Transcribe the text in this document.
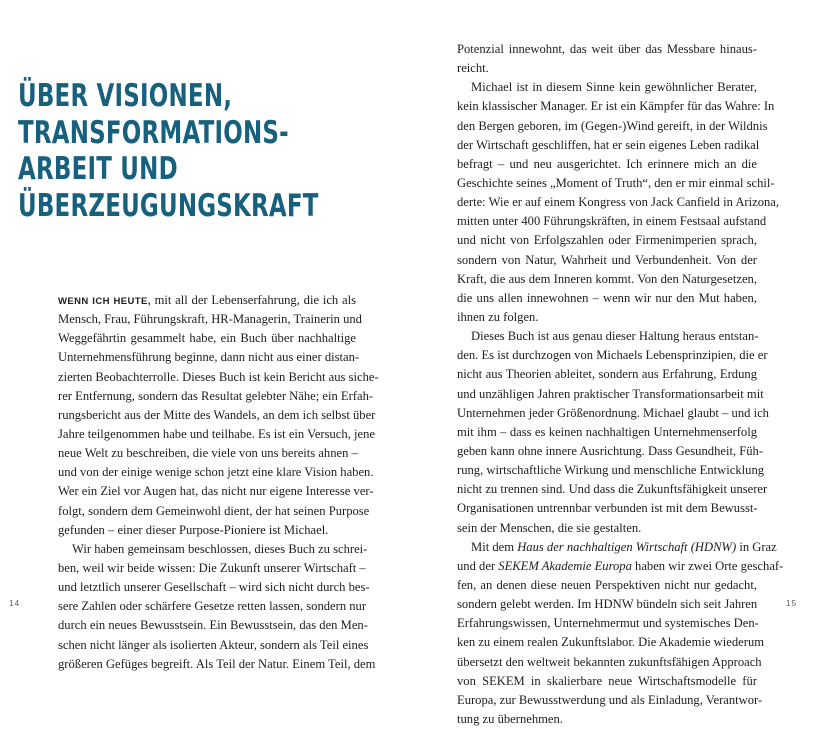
ÜBER VISIONEN,
TRANSFORMATIONS-
ARBEIT UND
ÜBERZEUGUNGSKRAFT
WENN ICH HEUTE, mit all der Lebenserfahrung, die ich als
Mensch, Frau, Führungskraft, HR-Managerin, Trainerin und
Weggefährtin gesammelt habe, ein Buch über nachhaltige
Unternehmensführung beginne, dann nicht aus einer distan-
zierten Beobachterrolle. Dieses Buch ist kein Bericht aus siche-
rer Entfernung, sondern das Resultat gelebter Nähe; ein Erfah-
rungsbericht aus der Mitte des Wandels, an dem ich selbst über
Jahre teilgenommen habe und teilhabe. Es ist ein Versuch, jene
neue Welt zu beschreiben, die viele von uns bereits ahnen –
und von der einige wenige schon jetzt eine klare Vision haben.
Wer ein Ziel vor Augen hat, das nicht nur eigene Interesse ver-
folgt, sondern dem Gemeinwohl dient, der hat seinen Purpose
gefunden – einer dieser Purpose-Pioniere ist Michael.
Wir haben gemeinsam beschlossen, dieses Buch zu schrei-
ben, weil wir beide wissen: Die Zukunft unserer Wirtschaft –
und letztlich unserer Gesellschaft – wird sich nicht durch bes-
sere Zahlen oder schärfere Gesetze retten lassen, sondern nur
durch ein neues Bewusstsein. Ein Bewusstsein, das den Men-
schen nicht länger als isolierten Akteur, sondern als Teil eines
größeren Gefüges begreift. Als Teil der Natur. Einem Teil, dem
Potenzial innewohnt, das weit über das Messbare hinaus-
reicht.
Michael ist in diesem Sinne kein gewöhnlicher Berater,
kein klassischer Manager. Er ist ein Kämpfer für das Wahre: In
den Bergen geboren, im (Gegen-)Wind gereift, in der Wildnis
der Wirtschaft geschliffen, hat er sein eigenes Leben radikal
befragt – und neu ausgerichtet. Ich erinnere mich an die
Geschichte seines „Moment of Truth“, den er mir einmal schil-
derte: Wie er auf einem Kongress von Jack Canfield in Arizona,
mitten unter 400 Führungskräften, in einem Festsaal aufstand
und nicht von Erfolgszahlen oder Firmenimperien sprach,
sondern von Natur, Wahrheit und Verbundenheit. Von der
Kraft, die aus dem Inneren kommt. Von den Naturgesetzen,
die uns allen innewohnen – wenn wir nur den Mut haben,
ihnen zu folgen.
Dieses Buch ist aus genau dieser Haltung heraus entstan-
den. Es ist durchzogen von Michaels Lebensprinzipien, die er
nicht aus Theorien ableitet, sondern aus Erfahrung, Erdung
und unzähligen Jahren praktischer Transformationsarbeit mit
Unternehmen jeder Größenordnung. Michael glaubt – und ich
mit ihm – dass es keinen nachhaltigen Unternehmenserfolg
geben kann ohne innere Ausrichtung. Dass Gesundheit, Füh-
rung, wirtschaftliche Wirkung und menschliche Entwicklung
nicht zu trennen sind. Und dass die Zukunftsfähigkeit unserer
Organisationen untrennbar verbunden ist mit dem Bewusst-
sein der Menschen, die sie gestalten.
Mit dem Haus der nachhaltigen Wirtschaft (HDNW) in Graz
und der SEKEM Akademie Europa haben wir zwei Orte geschaf-
fen, an denen diese neuen Perspektiven nicht nur gedacht,
sondern gelebt werden. Im HDNW bündeln sich seit Jahren
Erfahrungswissen, Unternehmermut und systemisches Den-
ken zu einem realen Zukunftslabor. Die Akademie wiederum
übersetzt den weltweit bekannten zukunftsfähigen Approach
von SEKEM in skalierbare neue Wirtschaftsmodelle für
Europa, zur Bewusstwerdung und als Einladung, Verantwor-
tung zu übernehmen.
14	15
